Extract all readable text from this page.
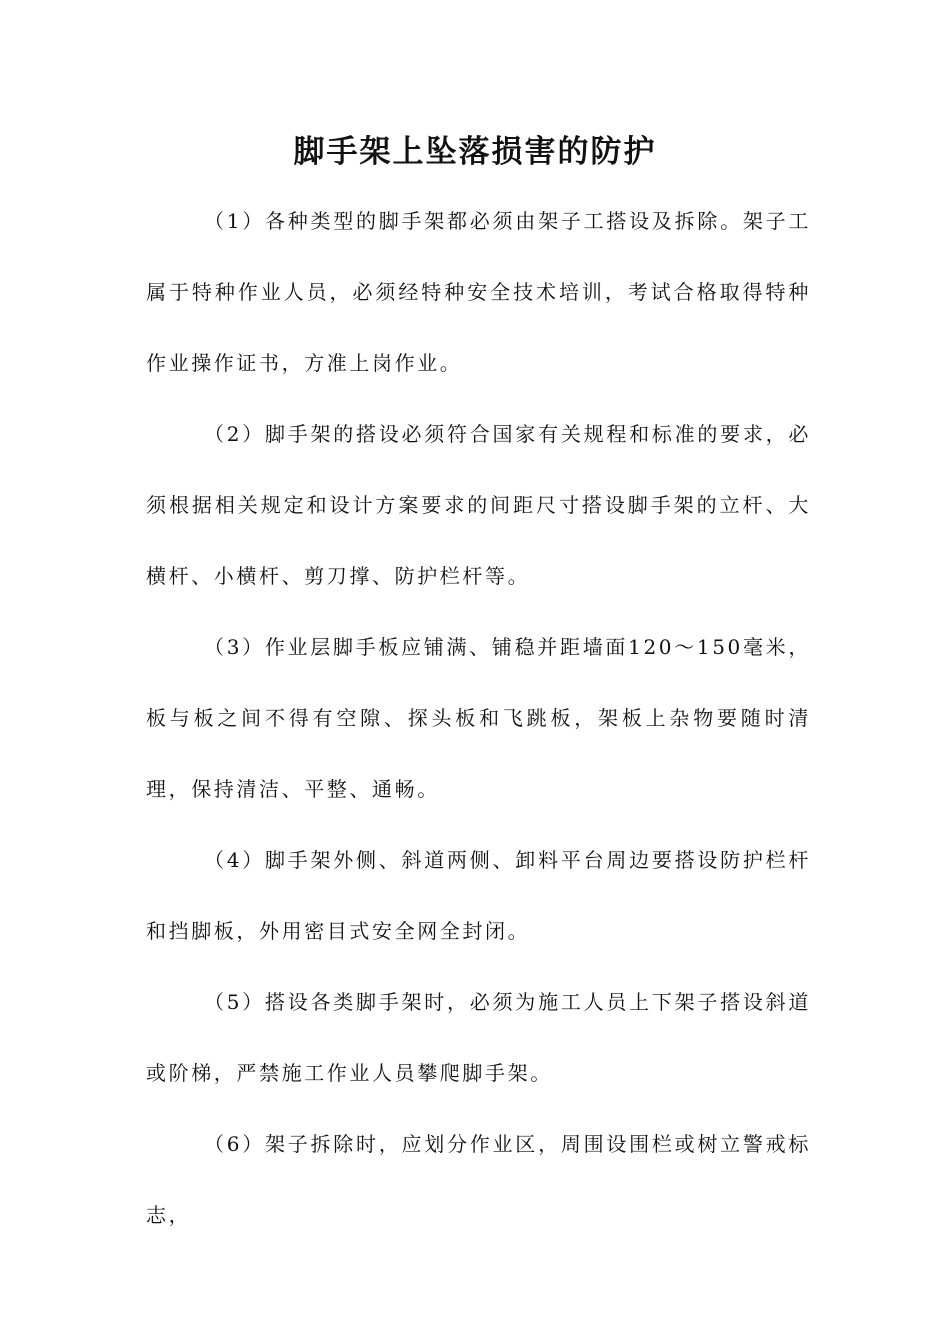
脚手架上坠落损害的防护

（1）各种类型的脚手架都必须由架子工搭设及拆除。架子工属于特种作业人员，必须经特种安全技术培训，考试合格取得特种作业操作证书，方准上岗作业。

（2）脚手架的搭设必须符合国家有关规程和标准的要求，必须根据相关规定和设计方案要求的间距尺寸搭设脚手架的立杆、大横杆、小横杆、剪刀撑、防护栏杆等。

（3）作业层脚手板应铺满、铺稳并距墙面120～150毫米，板与板之间不得有空隙、探头板和飞跳板，架板上杂物要随时清理，保持清洁、平整、通畅。

（4）脚手架外侧、斜道两侧、卸料平台周边要搭设防护栏杆和挡脚板，外用密目式安全网全封闭。

（5）搭设各类脚手架时，必须为施工人员上下架子搭设斜道或阶梯，严禁施工作业人员攀爬脚手架。

（6）架子拆除时，应划分作业区，周围设围栏或树立警戒标志，
